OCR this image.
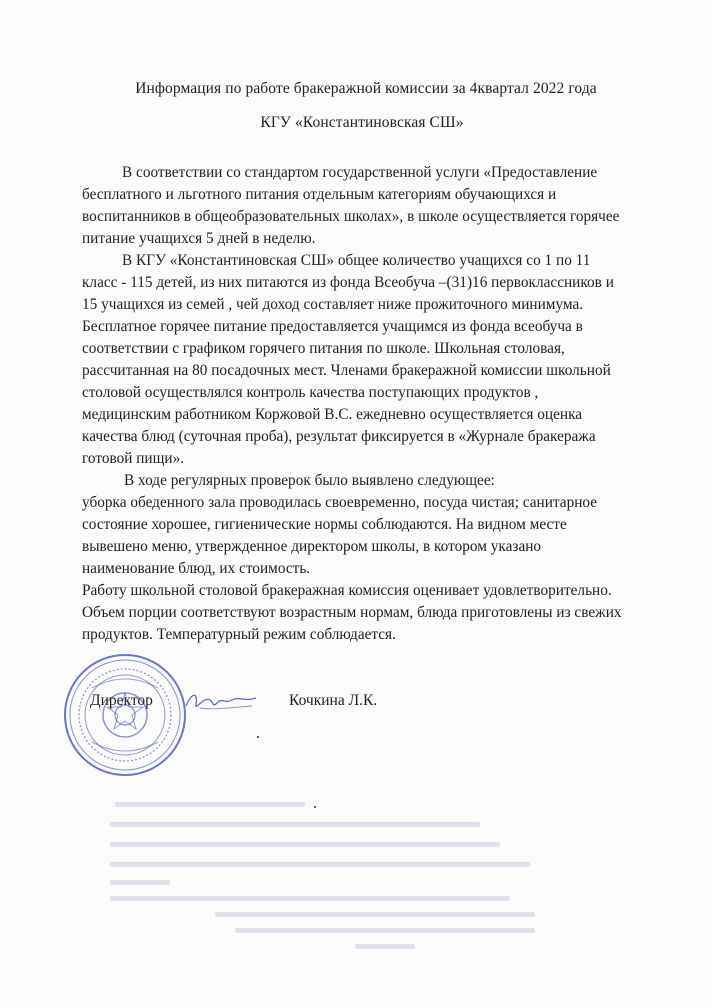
Информация по работе бракеражной комиссии за 4квартал 2022 года
КГУ «Константиновская СШ»
В соответствии со стандартом государственной услуги «Предоставление
бесплатного и льготного питания отдельным категориям обучающихся и
воспитанников в общеобразовательных школах», в школе осуществляется горячее
питание учащихся 5 дней в неделю.
В КГУ «Константиновская СШ» общее количество учащихся со 1 по 11
класс - 115 детей, из них питаются из фонда Всеобуча –(31)16 первоклассников и
15 учащихся из семей , чей доход составляет ниже прожиточного минимума.
Бесплатное горячее питание предоставляется учащимся из фонда всеобуча в
соответствии с графиком горячего питания по школе. Школьная столовая,
рассчитанная на 80 посадочных мест. Членами бракеражной комиссии школьной
столовой осуществлялся контроль качества поступающих продуктов ,
медицинским работником Коржовой В.С. ежедневно осуществляется оценка
качества блюд (суточная проба), результат фиксируется в «Журнале бракеража
готовой пищи».
В ходе регулярных проверок было выявлено следующее:
уборка обеденного зала проводилась своевременно, посуда чистая; санитарное
состояние хорошее, гигиенические нормы соблюдаются. На видном месте
вывешено меню, утвержденное директором школы, в котором указано
наименование блюд, их стоимость.
Работу школьной столовой бракеражная комиссия оценивает удовлетворительно.
Объем порции соответствуют возрастным нормам, блюда приготовлены из свежих
продуктов. Температурный режим соблюдается.
Директор	Кочкина Л.К.
